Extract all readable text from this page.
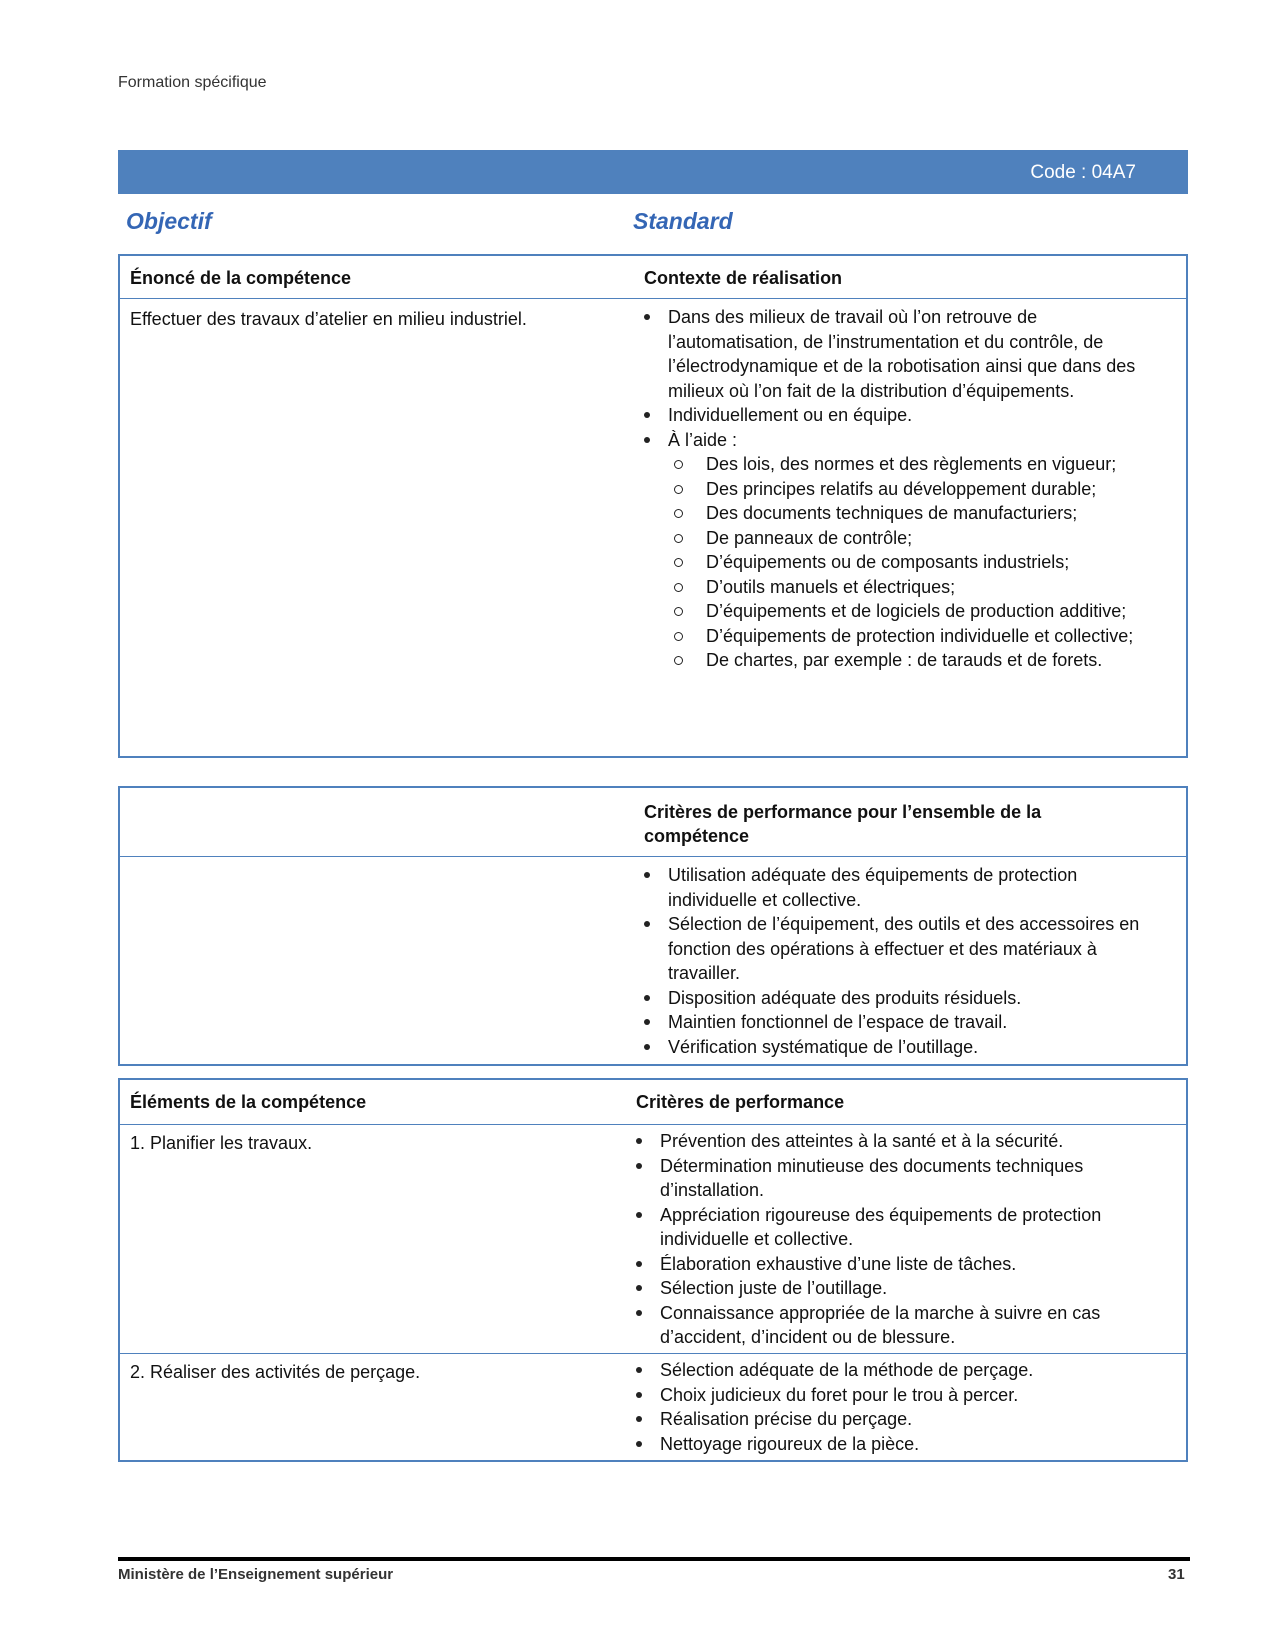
Formation spécifique
Code : 04A7
Objectif	Standard
Énoncé de la compétence	Contexte de réalisation
Effectuer des travaux d’atelier en milieu industriel.	Dans des milieux de travail où l’on retrouve de l’automatisation, de l’instrumentation et du contrôle, de l’électrodynamique et de la robotisation ainsi que dans des milieux où l’on fait de la distribution d’équipements.
Individuellement ou en équipe.
À l’aide :
Des lois, des normes et des règlements en vigueur;
Des principes relatifs au développement durable;
Des documents techniques de manufacturiers;
De panneaux de contrôle;
D’équipements ou de composants industriels;
D’outils manuels et électriques;
D’équipements et de logiciels de production additive;
D’équipements de protection individuelle et collective;
De chartes, par exemple : de tarauds et de forets.
Critères de performance pour l’ensemble de la compétence
Utilisation adéquate des équipements de protection individuelle et collective.
Sélection de l’équipement, des outils et des accessoires en fonction des opérations à effectuer et des matériaux à travailler.
Disposition adéquate des produits résiduels.
Maintien fonctionnel de l’espace de travail.
Vérification systématique de l’outillage.
Éléments de la compétence	Critères de performance
1. Planifier les travaux.	Prévention des atteintes à la santé et à la sécurité.
Détermination minutieuse des documents techniques d’installation.
Appréciation rigoureuse des équipements de protection individuelle et collective.
Élaboration exhaustive d’une liste de tâches.
Sélection juste de l’outillage.
Connaissance appropriée de la marche à suivre en cas d’accident, d’incident ou de blessure.
2. Réaliser des activités de perçage.	Sélection adéquate de la méthode de perçage.
Choix judicieux du foret pour le trou à percer.
Réalisation précise du perçage.
Nettoyage rigoureux de la pièce.
Ministère de l’Enseignement supérieur	31
